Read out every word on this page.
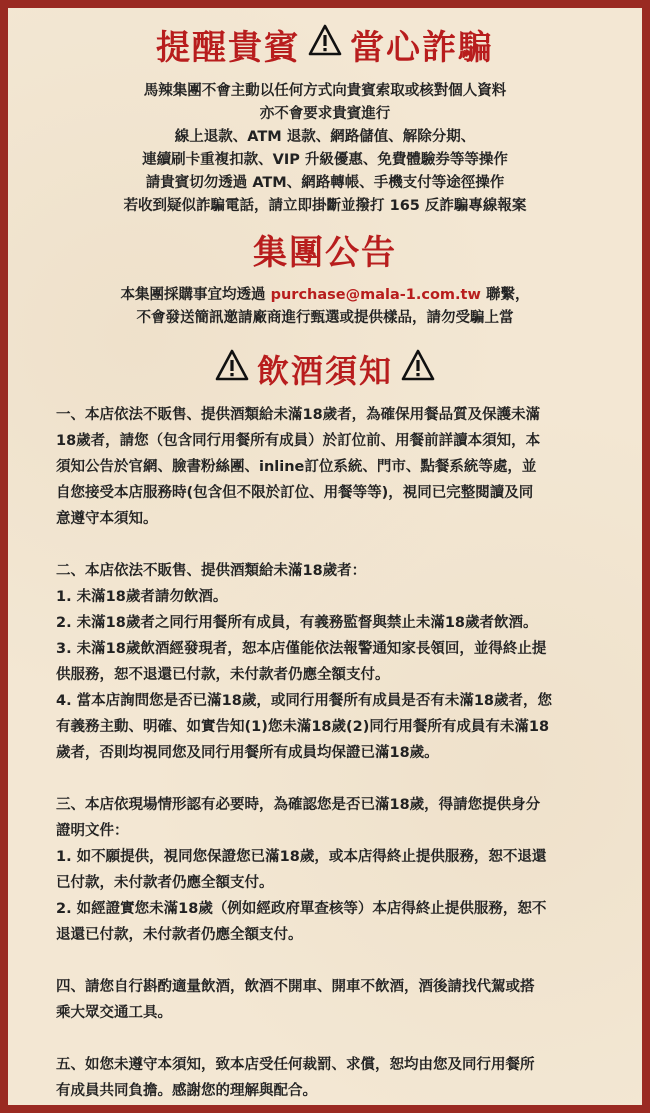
提醒貴賓 當心詐騙
馬辣集團不會主動以任何方式向貴賓索取或核對個人資料
亦不會要求貴賓進行
線上退款、ATM 退款、網路儲值、解除分期、
連續刷卡重複扣款、VIP 升級優惠、免費體驗券等等操作
請貴賓切勿透過 ATM、網路轉帳、手機支付等途徑操作
若收到疑似詐騙電話，請立即掛斷並撥打 165 反詐騙專線報案
集團公告
本集團採購事宜均透過 purchase@mala-1.com.tw 聯繫，
不會發送簡訊邀請廠商進行甄選或提供樣品，請勿受騙上當
飲酒須知
一、本店依法不販售、提供酒類給未滿18歲者，為確保用餐品質及保護未滿
18歲者，請您（包含同行用餐所有成員）於訂位前、用餐前詳讀本須知，本
須知公告於官網、臉書粉絲團、inline訂位系統、門市、點餐系統等處，並
自您接受本店服務時(包含但不限於訂位、用餐等等)，視同已完整閱讀及同
意遵守本須知。
二、本店依法不販售、提供酒類給未滿18歲者：
1. 未滿18歲者請勿飲酒。
2. 未滿18歲者之同行用餐所有成員，有義務監督與禁止未滿18歲者飲酒。
3. 未滿18歲飲酒經發現者，恕本店僅能依法報警通知家長領回，並得終止提
供服務，恕不退還已付款，未付款者仍應全額支付。
4. 當本店詢問您是否已滿18歲，或同行用餐所有成員是否有未滿18歲者，您
有義務主動、明確、如實告知(1)您未滿18歲(2)同行用餐所有成員有未滿18
歲者，否則均視同您及同行用餐所有成員均保證已滿18歲。
三、本店依現場情形認有必要時，為確認您是否已滿18歲，得請您提供身分
證明文件：
1. 如不願提供，視同您保證您已滿18歲，或本店得終止提供服務，恕不退還
已付款，未付款者仍應全額支付。
2. 如經證實您未滿18歲（例如經政府單查核等）本店得終止提供服務，恕不
退還已付款，未付款者仍應全額支付。
四、請您自行斟酌適量飲酒，飲酒不開車、開車不飲酒，酒後請找代駕或搭
乘大眾交通工具。
五、如您未遵守本須知，致本店受任何裁罰、求償，恕均由您及同行用餐所
有成員共同負擔。感謝您的理解與配合。
